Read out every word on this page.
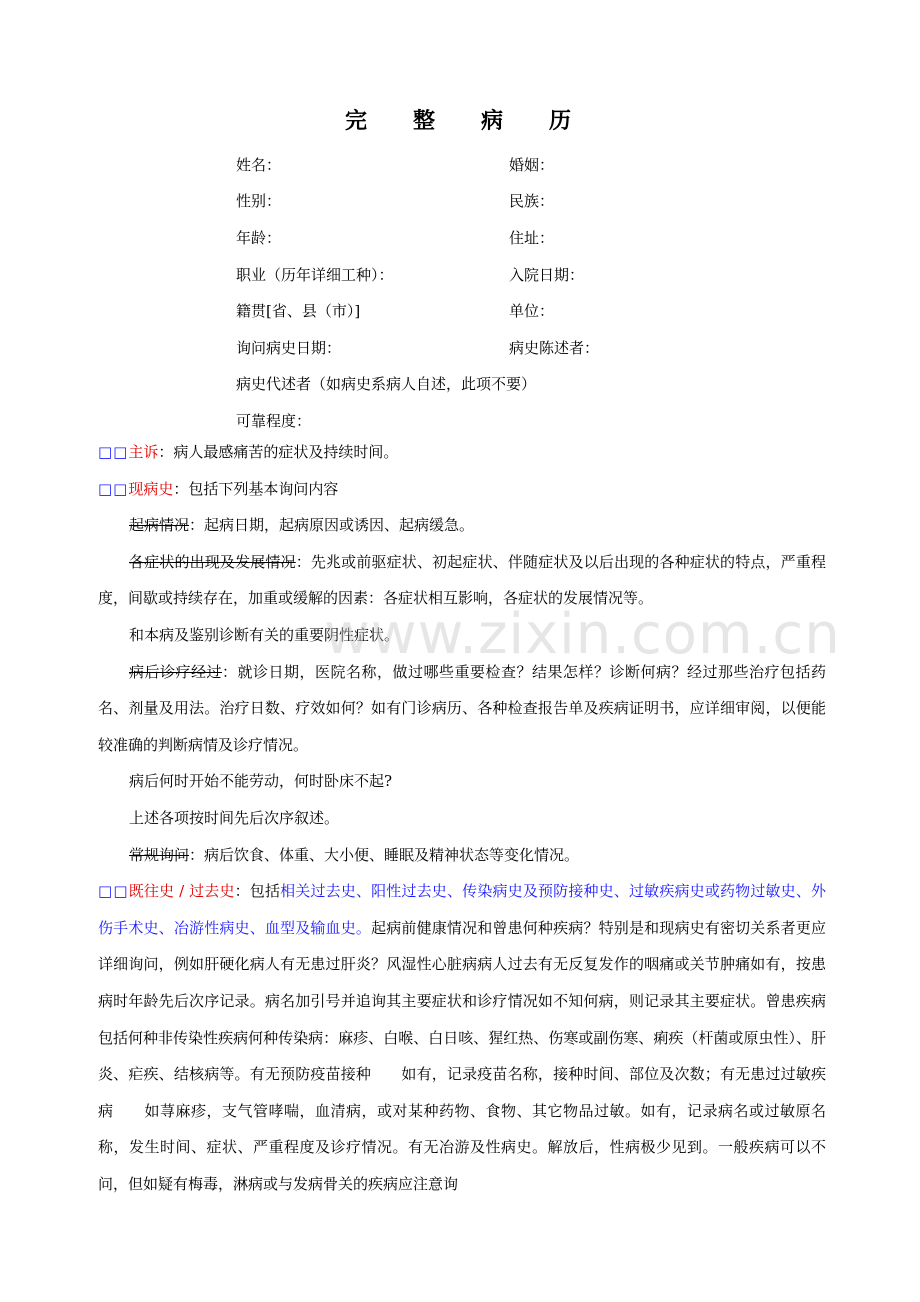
完整病历
姓名：	婚姻：
性别：	民族：
年龄：	住址：
职业（历年详细工种）：	入院日期：
籍贯[省、县（市）]	单位：
询问病史日期：	病史陈述者：
病史代述者（如病史系病人自述，此项不要）
可靠程度：

□□主诉：病人最感痛苦的症状及持续时间。

□□现病史：包括下列基本询问内容

起病情况：起病日期，起病原因或诱因、起病缓急。

各症状的出现及发展情况：先兆或前驱症状、初起症状、伴随症状及以后出现的各种症状的特点，严重程度，间歇或持续存在，加重或缓解的因素：各症状相互影响，各症状的发展情况等。

和本病及鉴别诊断有关的重要阴性症状。

病后诊疗经过：就诊日期，医院名称，做过哪些重要检查？结果怎样？诊断何病？经过那些治疗包括药名、剂量及用法。治疗日数、疗效如何？如有门诊病历、各种检查报告单及疾病证明书，应详细审阅，以便能较准确的判断病情及诊疗情况。

病后何时开始不能劳动，何时卧床不起?

上述各项按时间先后次序叙述。

常规询问：病后饮食、体重、大小便、睡眠及精神状态等变化情况。

□□既往史 / 过去史：包括相关过去史、阳性过去史、传染病史及预防接种史、过敏疾病史或药物过敏史、外伤手术史、冶游性病史、血型及输血史。起病前健康情况和曾患何种疾病？特别是和现病史有密切关系者更应详细询问，例如肝硬化病人有无患过肝炎？风湿性心脏病病人过去有无反复发作的咽痛或关节肿痛如有，按患病时年龄先后次序记录。病名加引号并追询其主要症状和诊疗情况如不知何病，则记录其主要症状。曾患疾病包括何种非传染性疾病何种传染病：麻疹、白喉、白日咳、猩红热、伤寒或副伤寒、痢疾（杆菌或原虫性）、肝炎、疟疾、结核病等。有无预防疫苗接种　　如有，记录疫苗名称，接种时间、部位及次数；有无患过过敏疾病　　如荨麻疹，支气管哮喘，血清病，或对某种药物、食物、其它物品过敏。如有，记录病名或过敏原名称，发生时间、症状、严重程度及诊疗情况。有无冶游及性病史。解放后，性病极少见到。一般疾病可以不问，但如疑有梅毒，淋病或与发病骨关的疾病应注意询

www.zixin.com.cn
